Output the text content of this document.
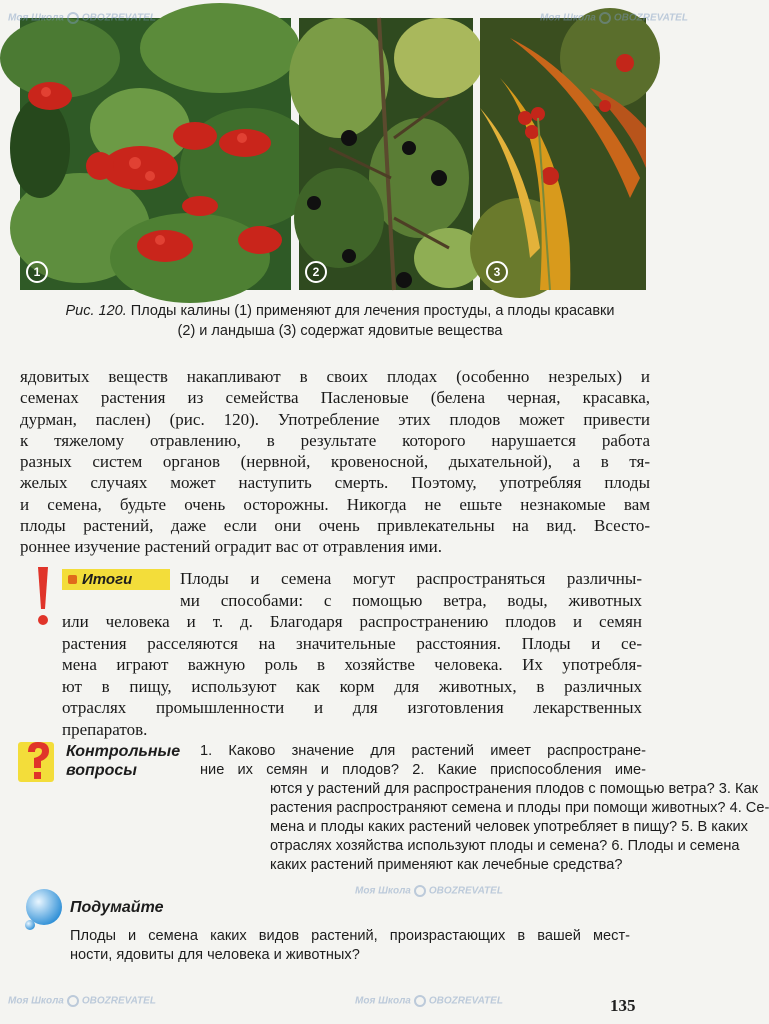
1	2	3
Рис. 120. Плоды калины (1) применяют для лечения простуды, а плоды красавки
(2) и ландыша (3) содержат ядовитые вещества
ядовитых веществ накапливают в своих плодах (особенно незрелых) и
семенах растения из семейства Пасленовые (белена черная, красавка,
дурман, паслен) (рис. 120). Употребление этих плодов может привести
к тяжелому отравлению, в результате которого нарушается работа
разных систем органов (нервной, кровеносной, дыхательной), а в тя-
желых случаях может наступить смерть. Поэтому, употребляя плоды
и семена, будьте очень осторожны. Никогда не ешьте незнакомые вам
плоды растений, даже если они очень привлекательны на вид. Всесто-
роннее изучение растений оградит вас от отравления ими.
Плоды и семена могут распространяться различны-
ми способами: с помощью ветра, воды, животных
или человека и т. д. Благодаря распространению плодов и семян
растения расселяются на значительные расстояния. Плоды и се-
мена играют важную роль в хозяйстве человека. Их употребля-
ют в пищу, используют как корм для животных, в различных
отраслях промышленности и для изготовления лекарственных
препаратов.
Итоги
Контрольные
вопросы
1. Каково значение для растений имеет распростране-
ние их семян и плодов? 2. Какие приспособления име-
ются у растений для распространения плодов с помощью ветра? 3. Как
растения распространяют семена и плоды при помощи животных? 4. Се-
мена и плоды каких растений человек употребляет в пищу? 5. В каких
отраслях хозяйства используют плоды и семена? 6. Плоды и семена
каких растений применяют как лечебные средства?
Подумайте
Плоды и семена каких видов растений, произрастающих в вашей мест-
ности, ядовиты для человека и животных?
135
Моя Школа OBOZREVATEL	Моя Школа OBOZREVATEL
Моя Школа OBOZREVATEL
Моя Школа OBOZREVATEL
Моя Школа OBOZREVATEL
